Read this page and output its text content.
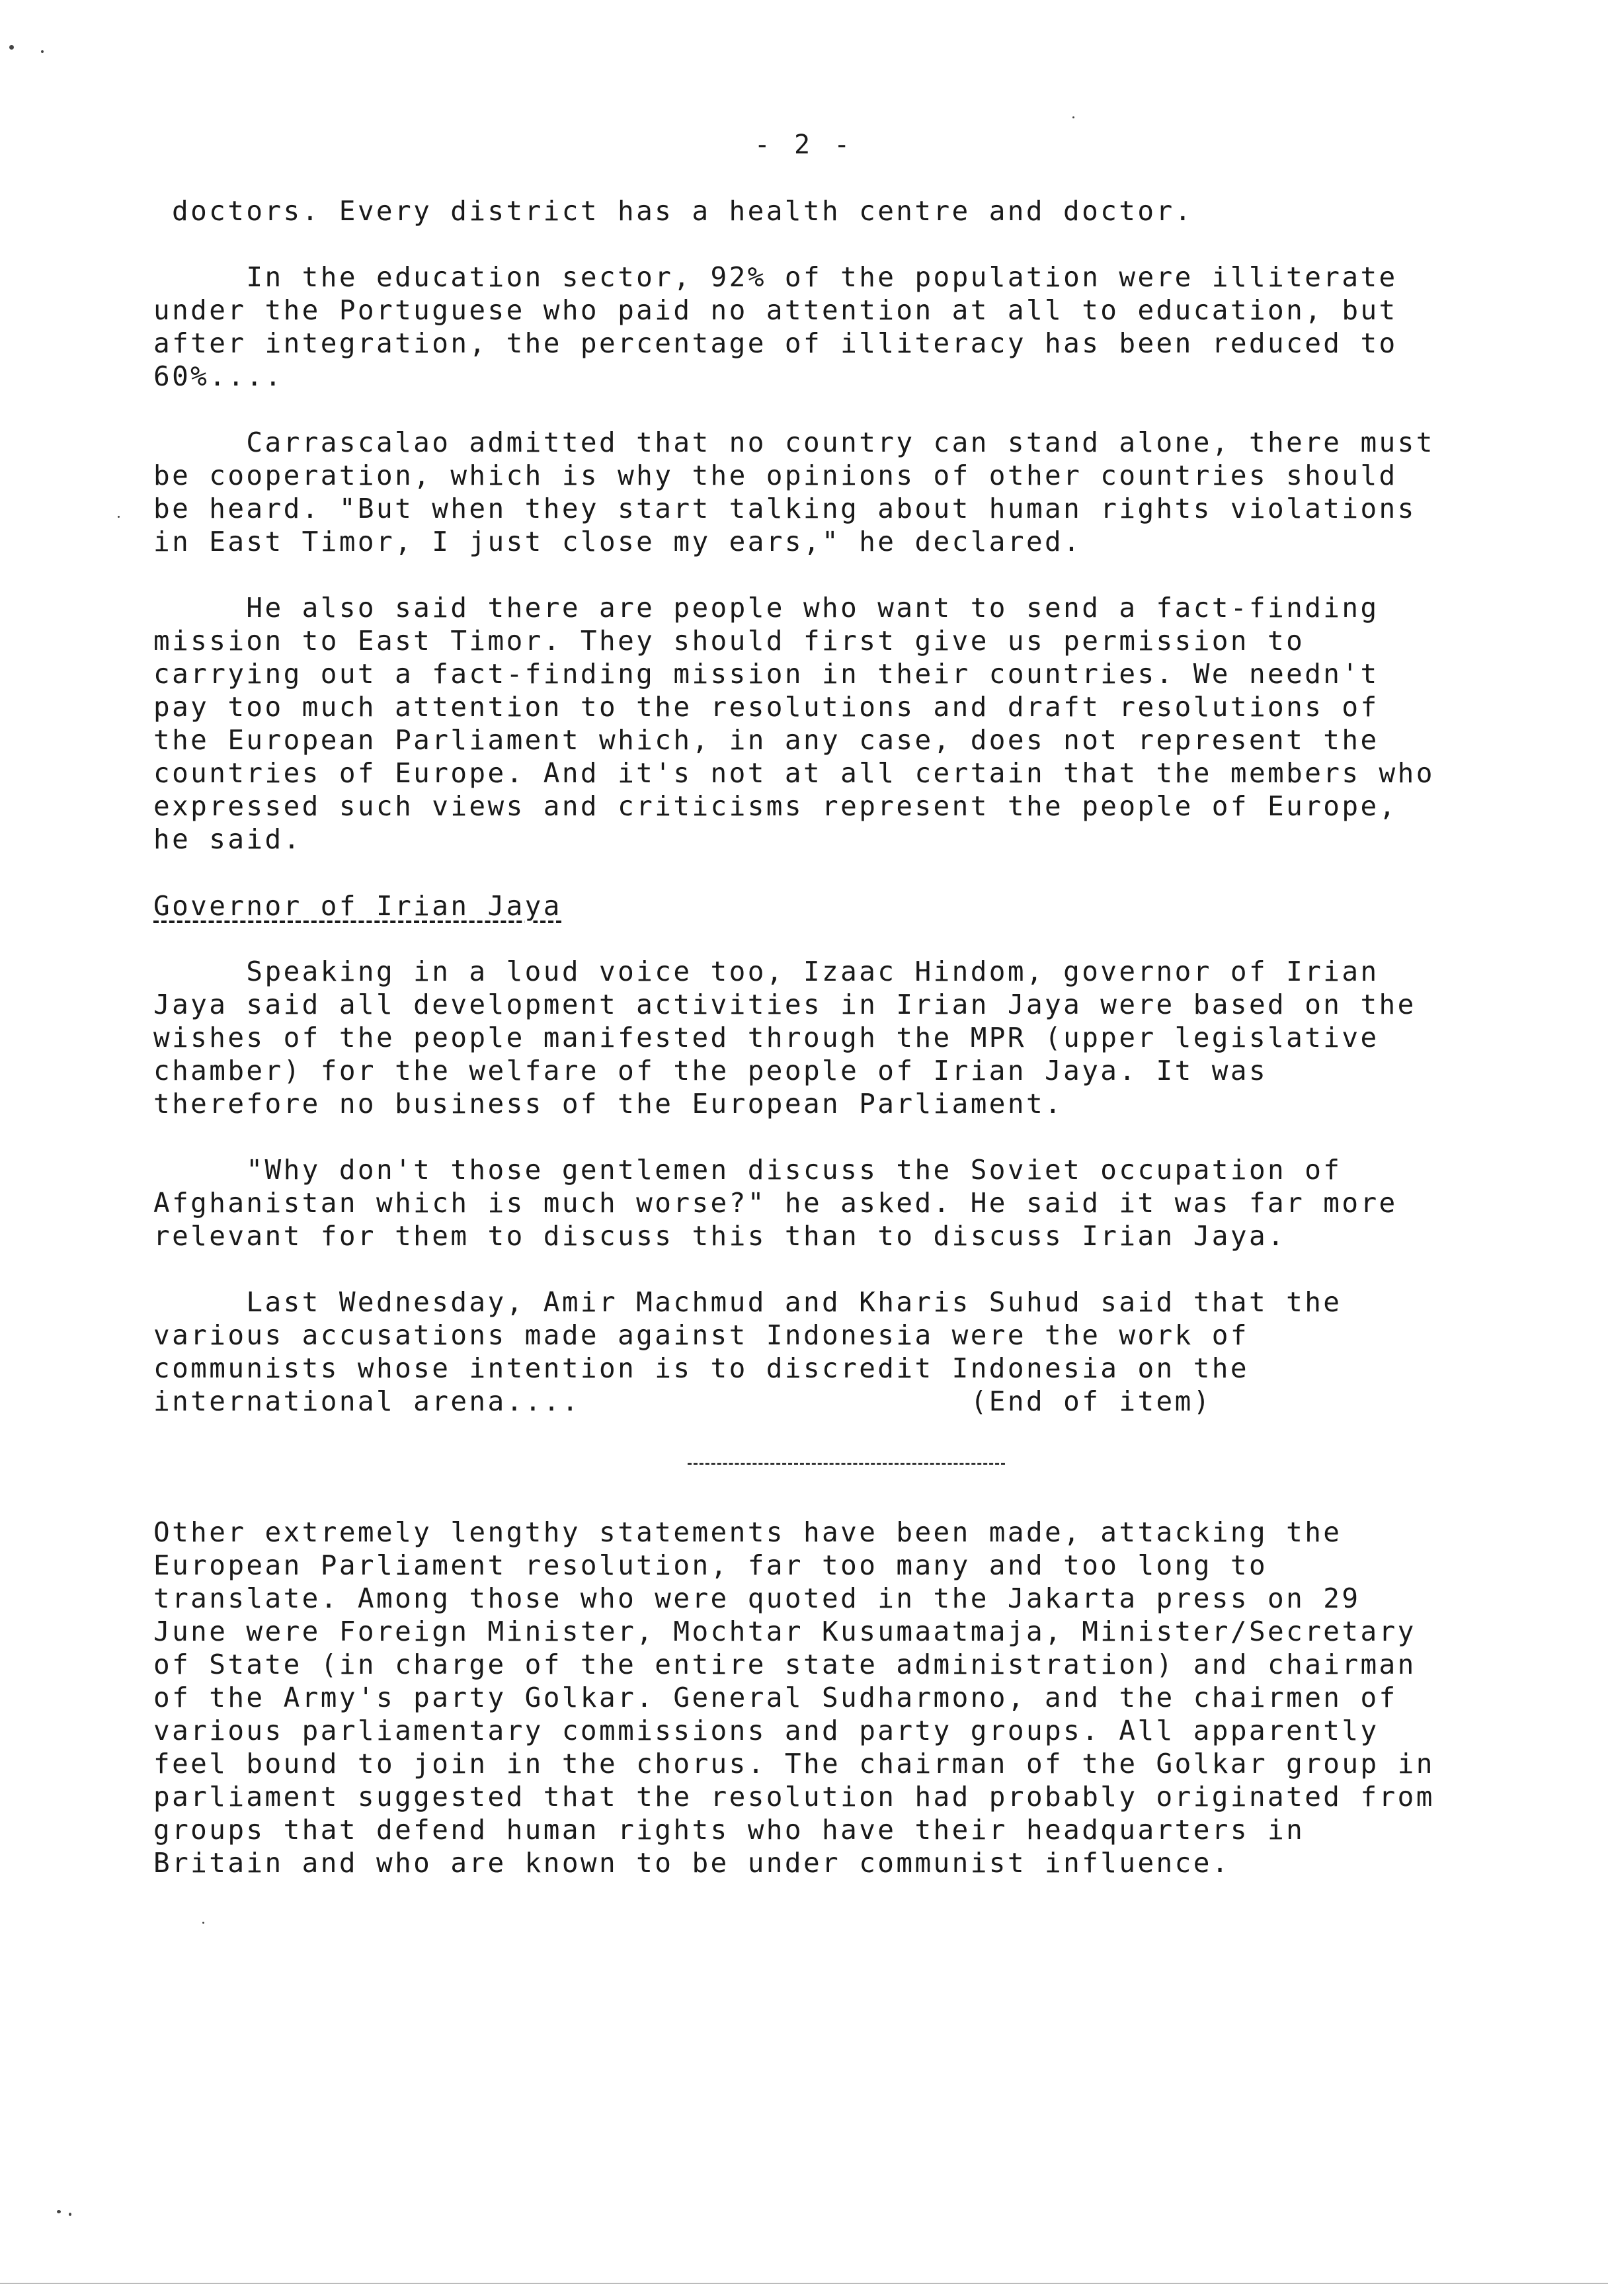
- 2 -
doctors. Every district has a health centre and doctor.
In the education sector, 92% of the population were illiterate
under the Portuguese who paid no attention at all to education, but
after integration, the percentage of illiteracy has been reduced to
60%....
Carrascalao admitted that no country can stand alone, there must
be cooperation, which is why the opinions of other countries should
be heard. "But when they start talking about human rights violations
in East Timor, I just close my ears," he declared.
He also said there are people who want to send a fact-finding
mission to East Timor. They should first give us permission to
carrying out a fact-finding mission in their countries. We needn't
pay too much attention to the resolutions and draft resolutions of
the European Parliament which, in any case, does not represent the
countries of Europe. And it's not at all certain that the members who
expressed such views and criticisms represent the people of Europe,
he said.
Governor of Irian Jaya
Speaking in a loud voice too, Izaac Hindom, governor of Irian
Jaya said all development activities in Irian Jaya were based on the
wishes of the people manifested through the MPR (upper legislative
chamber) for the welfare of the people of Irian Jaya. It was
therefore no business of the European Parliament.
"Why don't those gentlemen discuss the Soviet occupation of
Afghanistan which is much worse?" he asked. He said it was far more
relevant for them to discuss this than to discuss Irian Jaya.
Last Wednesday, Amir Machmud and Kharis Suhud said that the
various accusations made against Indonesia were the work of
communists whose intention is to discredit Indonesia on the
international arena....                     (End of item)
Other extremely lengthy statements have been made, attacking the
European Parliament resolution, far too many and too long to
translate. Among those who were quoted in the Jakarta press on 29
June were Foreign Minister, Mochtar Kusumaatmaja, Minister/Secretary
of State (in charge of the entire state administration) and chairman
of the Army's party Golkar. General Sudharmono, and the chairmen of
various parliamentary commissions and party groups. All apparently
feel bound to join in the chorus. The chairman of the Golkar group in
parliament suggested that the resolution had probably originated from
groups that defend human rights who have their headquarters in
Britain and who are known to be under communist influence.
